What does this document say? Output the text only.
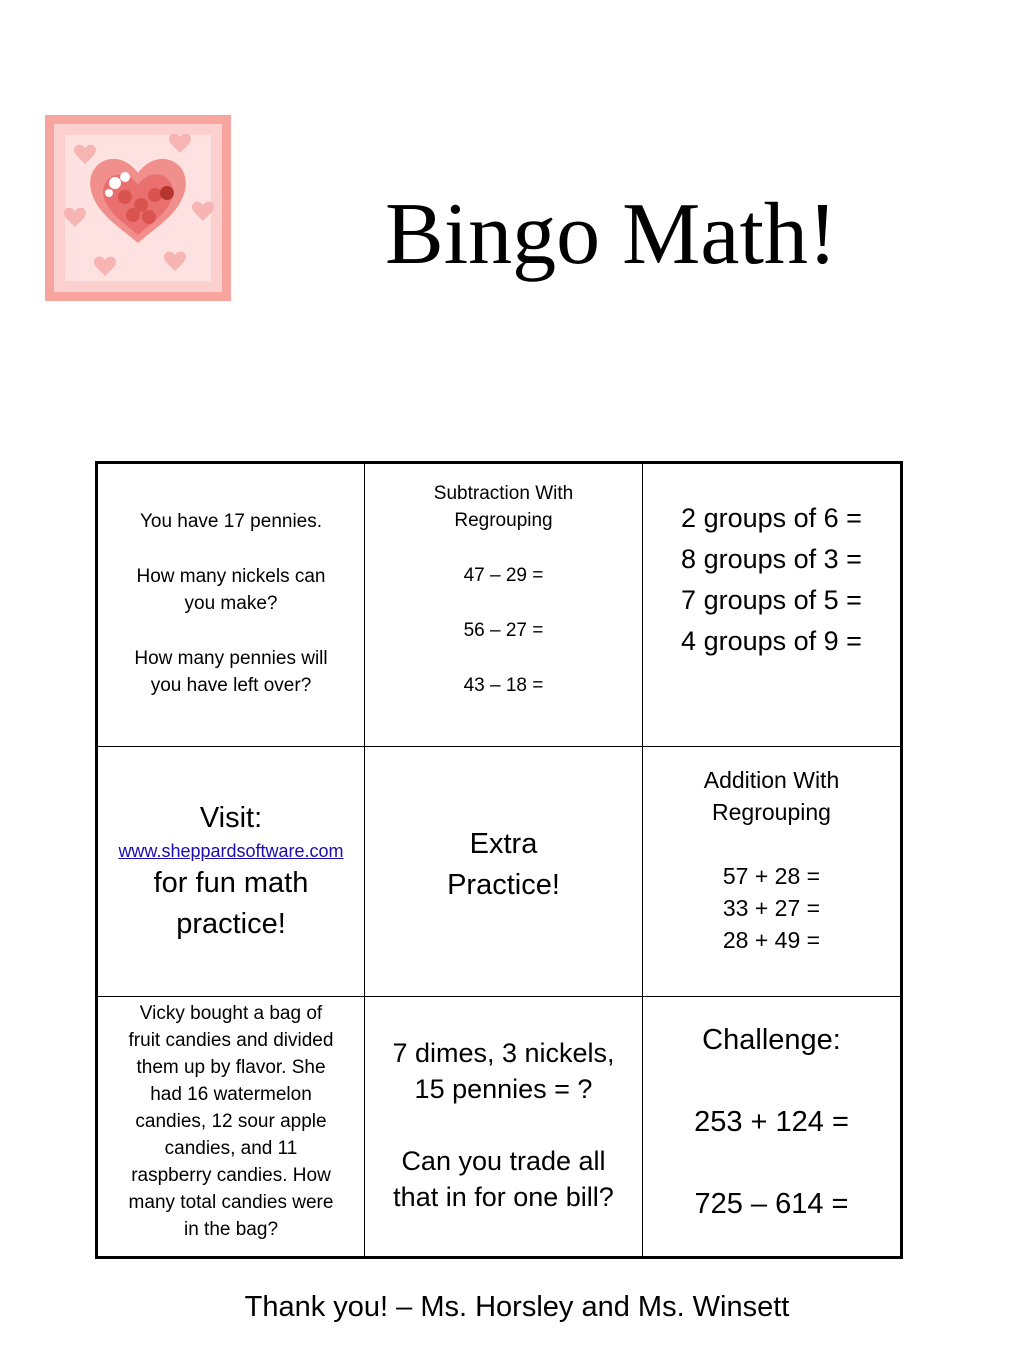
Bingo Math!
You have 17 pennies.
How many nickels can
you make?
How many pennies will
you have left over?
Subtraction With
Regrouping
47 – 29 =
56 – 27 =
43 – 18 =
2 groups of 6 =
8 groups of 3 =
7 groups of 5 =
4 groups of 9 =
Visit:
www.sheppardsoftware.com
for fun math
practice!
Extra
Practice!
Addition With
Regrouping
57 + 28 =
33 + 27 =
28 + 49 =
Vicky bought a bag of
fruit candies and divided
them up by flavor. She
had 16 watermelon
candies, 12 sour apple
candies, and 11
raspberry candies. How
many total candies were
in the bag?
7 dimes, 3 nickels,
15 pennies = ?
Can you trade all
that in for one bill?
Challenge:
253 + 124 =
725 – 614 =
Thank you! – Ms. Horsley and Ms. Winsett
